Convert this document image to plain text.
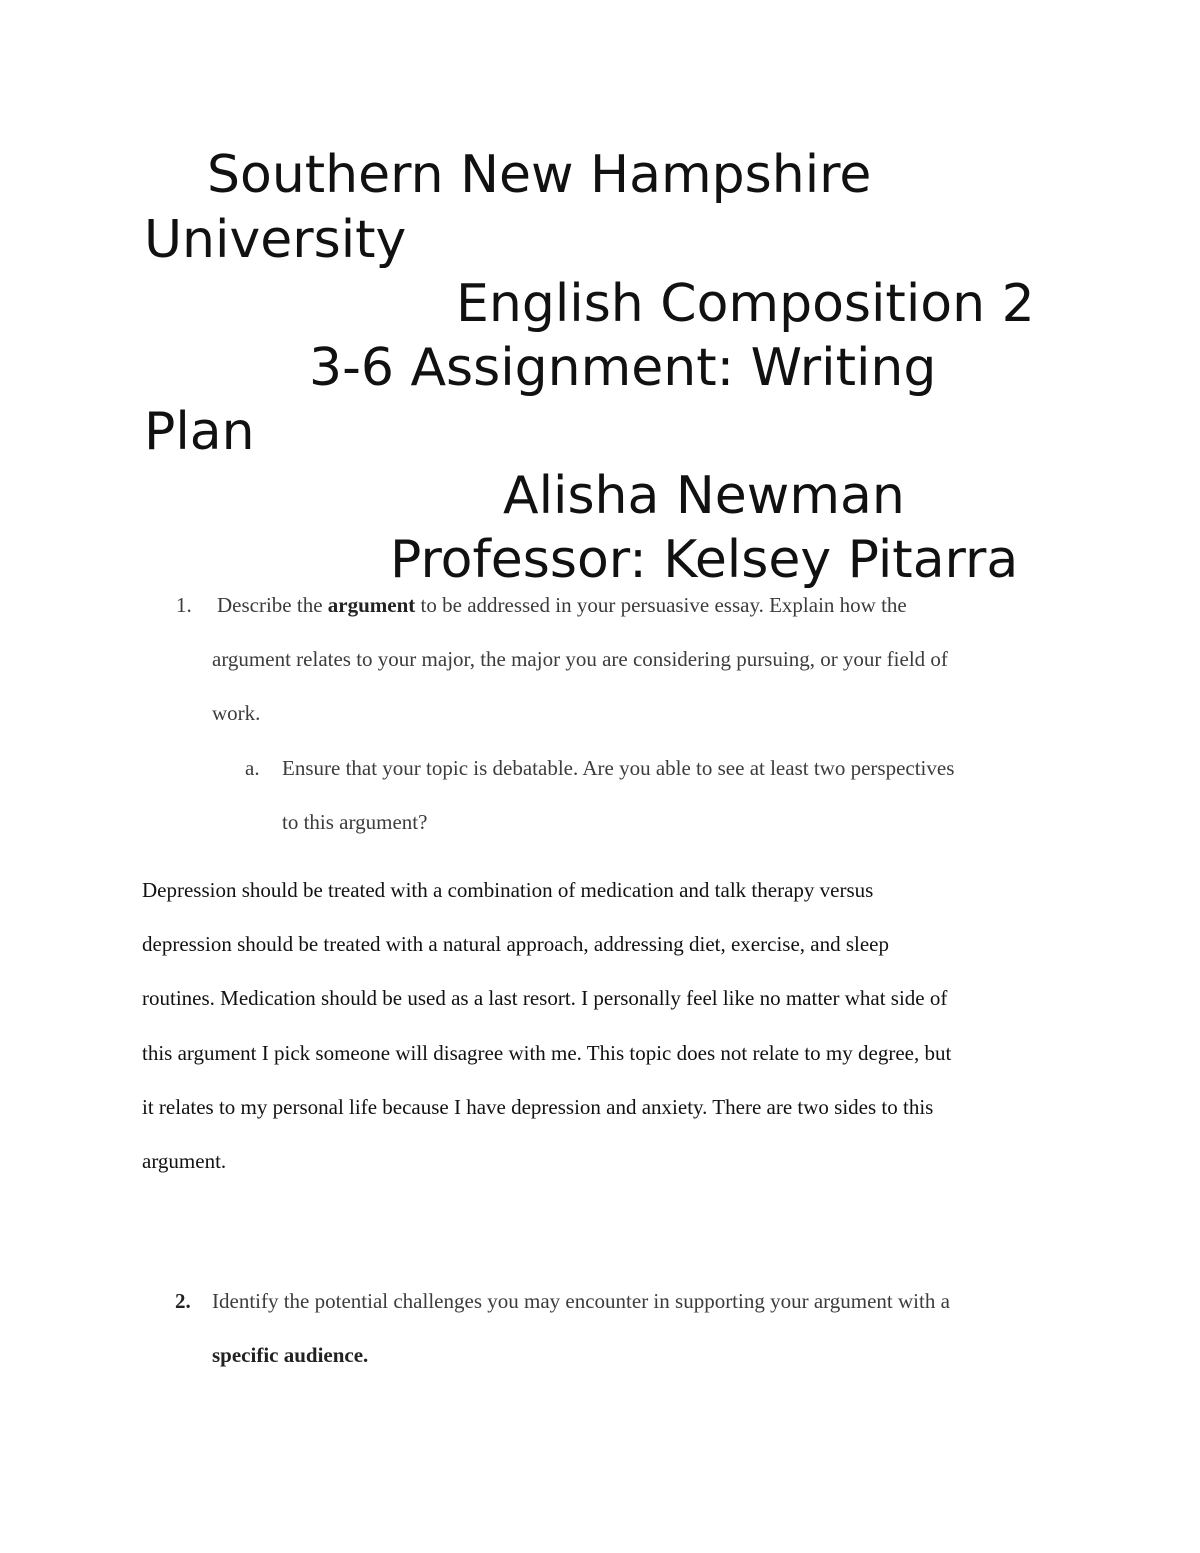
Southern New Hampshire
University
English Composition 2
3-6 Assignment: Writing
Plan
Alisha Newman
Professor: Kelsey Pitarra
1. Describe the argument to be addressed in your persuasive essay. Explain how the
argument relates to your major, the major you are considering pursuing, or your field of
work.
a. Ensure that your topic is debatable. Are you able to see at least two perspectives
to this argument?
Depression should be treated with a combination of medication and talk therapy versus
depression should be treated with a natural approach, addressing diet, exercise, and sleep
routines. Medication should be used as a last resort. I personally feel like no matter what side of
this argument I pick someone will disagree with me. This topic does not relate to my degree, but
it relates to my personal life because I have depression and anxiety. There are two sides to this
argument.
2. Identify the potential challenges you may encounter in supporting your argument with a
specific audience.
